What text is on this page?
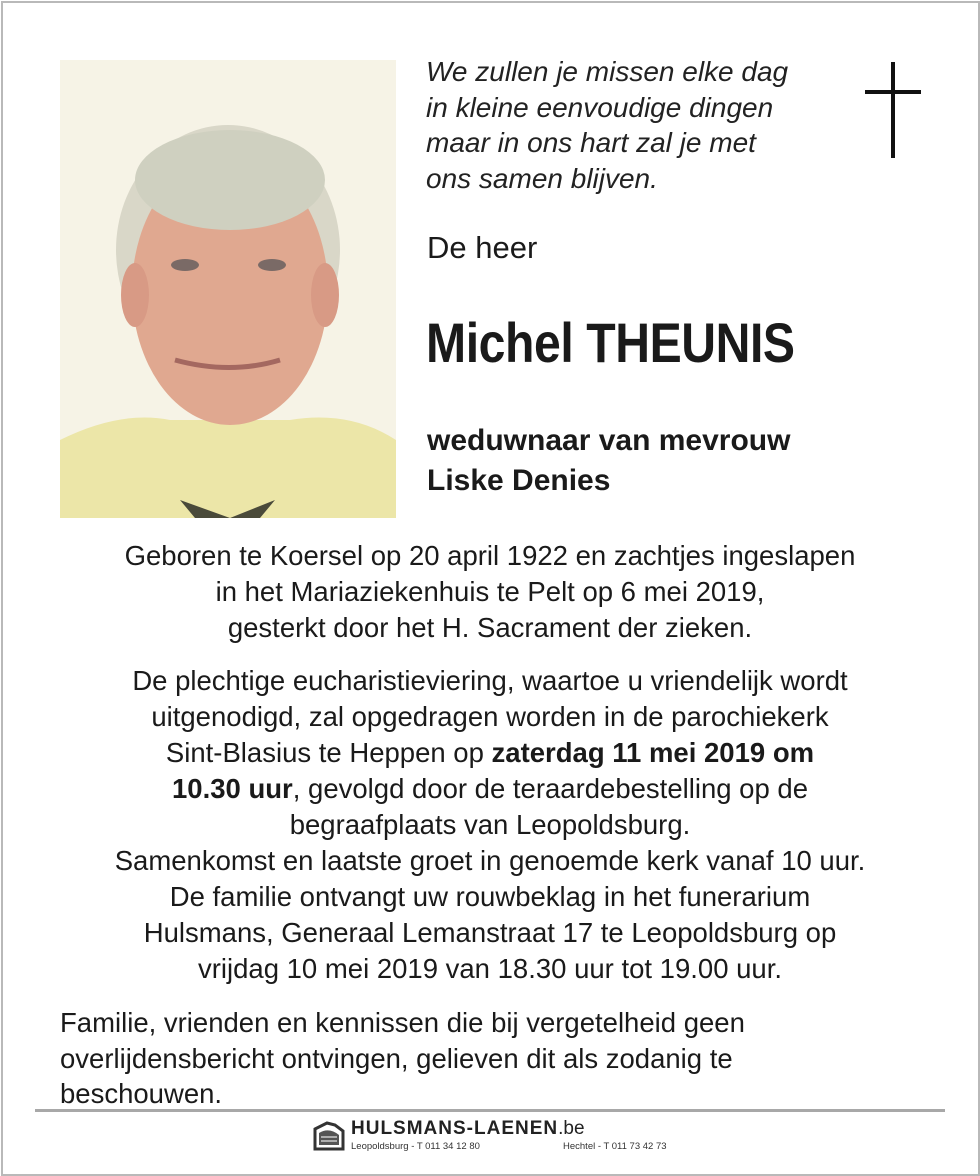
We zullen je missen elke dag
in kleine eenvoudige dingen
maar in ons hart zal je met
ons samen blijven.
De heer
Michel THEUNIS
weduwnaar van mevrouw
Liske Denies
Geboren te Koersel op 20 april 1922 en zachtjes ingeslapen
in het Mariaziekenhuis te Pelt op 6 mei 2019,
gesterkt door het H. Sacrament der zieken.
De plechtige eucharistieviering, waartoe u vriendelijk wordt
uitgenodigd, zal opgedragen worden in de parochiekerk
Sint-Blasius te Heppen op zaterdag 11 mei 2019 om
10.30 uur, gevolgd door de teraardebestelling op de
begraafplaats van Leopoldsburg.
Samenkomst en laatste groet in genoemde kerk vanaf 10 uur.
De familie ontvangt uw rouwbeklag in het funerarium
Hulsmans, Generaal Lemanstraat 17 te Leopoldsburg op
vrijdag 10 mei 2019 van 18.30 uur tot 19.00 uur.
Familie, vrienden en kennissen die bij vergetelheid geen
overlijdensbericht ontvingen, gelieven dit als zodanig te
beschouwen.
HULSMANS-LAENEN.be
Leopoldsburg - T 011 34 12 80	Hechtel - T 011 73 42 73
